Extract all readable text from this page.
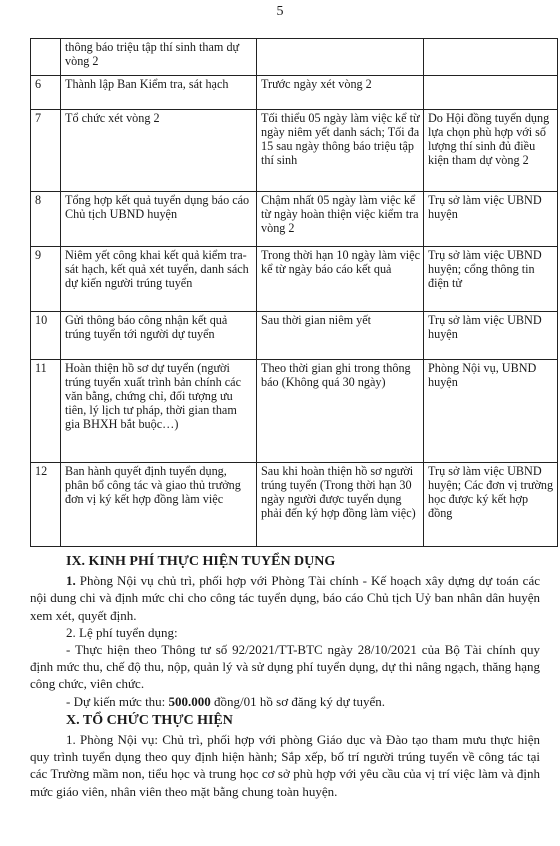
5
	thông báo triệu tập thí sinh tham dự vòng 2		
6	Thành lập Ban Kiểm tra, sát hạch	Trước ngày xét vòng 2	
7	Tổ chức xét vòng 2	Tối thiểu 05 ngày làm việc kể từ ngày niêm yết danh sách; Tối đa 15 sau ngày thông báo triệu tập thí sinh	Do Hội đồng tuyển dụng lựa chọn phù hợp với số lượng thí sinh đủ điều kiện tham dự vòng 2
8	Tổng hợp kết quả tuyển dụng báo cáo Chủ tịch UBND huyện	Chậm nhất 05 ngày làm việc kể từ ngày hoàn thiện việc kiểm tra vòng 2	Trụ sở làm việc UBND huyện
9	Niêm yết công khai kết quả kiểm tra- sát hạch, kết quả xét tuyển, danh sách dự kiến người trúng tuyển	Trong thời hạn 10 ngày làm việc kể từ ngày báo cáo kết quả	Trụ sở làm việc UBND huyện; cổng thông tin điện tử
10	Gửi thông báo công nhận kết quả trúng tuyển tới người dự tuyển	Sau thời gian niêm yết	Trụ sở làm việc UBND huyện
11	Hoàn thiện hồ sơ dự tuyển (người trúng tuyển xuất trình bản chính các văn bằng, chứng chỉ, đối tượng ưu tiên, lý lịch tư pháp, thời gian tham gia BHXH bắt buộc…)	Theo thời gian ghi trong thông báo (Không quá 30 ngày)	Phòng Nội vụ, UBND huyện
12	Ban hành quyết định tuyển dụng, phân bổ công tác và giao thủ trưởng đơn vị ký kết hợp đồng làm việc	Sau khi hoàn thiện hồ sơ người trúng tuyển (Trong thời hạn 30 ngày người được tuyển dụng phải đến ký hợp đồng làm việc)	Trụ sở làm việc UBND huyện; Các đơn vị trường học được ký kết hợp đồng
IX. KINH PHÍ THỰC HIỆN TUYỂN DỤNG

1. Phòng Nội vụ chủ trì, phối hợp với Phòng Tài chính - Kế hoạch xây dựng dự toán các nội dung chi và định mức chi cho công tác tuyển dụng, báo cáo Chủ tịch Uỷ ban nhân dân huyện xem xét, quyết định.

2. Lệ phí tuyển dụng:

- Thực hiện theo Thông tư số 92/2021/TT-BTC ngày 28/10/2021 của Bộ Tài chính quy định mức thu, chế độ thu, nộp, quản lý và sử dụng phí tuyển dụng, dự thi nâng ngạch, thăng hạng công chức, viên chức.

- Dự kiến mức thu: 500.000 đồng/01 hồ sơ đăng ký dự tuyển.

X. TỔ CHỨC THỰC HIỆN

1. Phòng Nội vụ: Chủ trì, phối hợp với phòng Giáo dục và Đào tạo tham mưu thực hiện quy trình tuyển dụng theo quy định hiện hành; Sắp xếp, bố trí người trúng tuyển về công tác tại các Trường mầm non, tiểu học và trung học cơ sở phù hợp với yêu cầu của vị trí việc làm và định mức giáo viên, nhân viên theo mặt bằng chung toàn huyện.
